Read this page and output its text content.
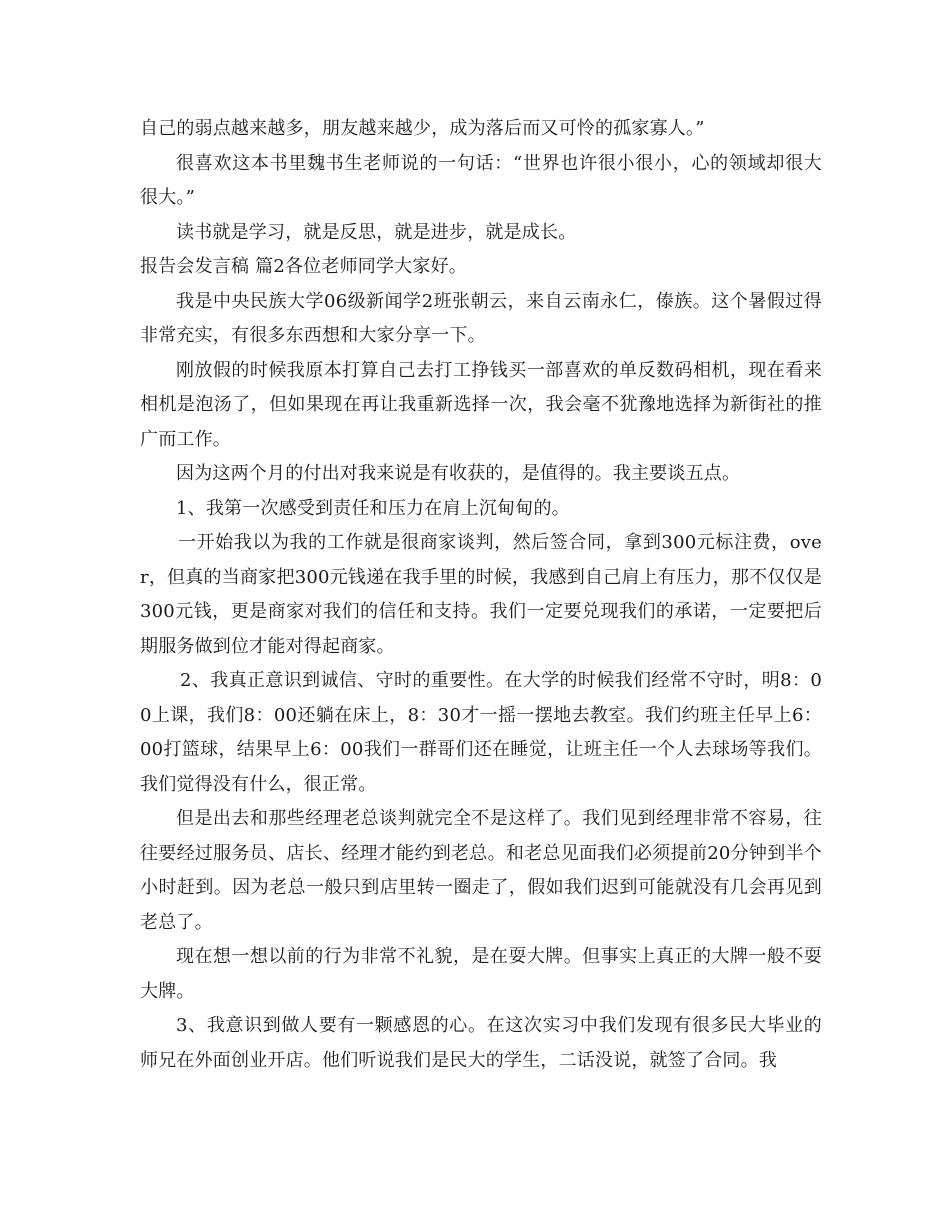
自己的弱点越来越多，朋友越来越少，成为落后而又可怜的孤家寡人。”

很喜欢这本书里魏书生老师说的一句话：“世界也许很小很小，心的领域却很大很大。”

读书就是学习，就是反思，就是进步，就是成长。

报告会发言稿 篇2各位老师同学大家好。

我是中央民族大学06级新闻学2班张朝云，来自云南永仁，傣族。这个暑假过得非常充实，有很多东西想和大家分享一下。

刚放假的时候我原本打算自己去打工挣钱买一部喜欢的单反数码相机，现在看来相机是泡汤了，但如果现在再让我重新选择一次，我会毫不犹豫地选择为新街社的推广而工作。

因为这两个月的付出对我来说是有收获的，是值得的。我主要谈五点。

1、我第一次感受到责任和压力在肩上沉甸甸的。

一开始我以为我的工作就是很商家谈判，然后签合同，拿到300元标注费，over，但真的当商家把300元钱递在我手里的时候，我感到自己肩上有压力，那不仅仅是300元钱，更是商家对我们的信任和支持。我们一定要兑现我们的承诺，一定要把后期服务做到位才能对得起商家。

2、我真正意识到诚信、守时的重要性。在大学的时候我们经常不守时，明8：00上课，我们8：00还躺在床上，8：30才一摇一摆地去教室。我们约班主任早上6：00打篮球，结果早上6：00我们一群哥们还在睡觉，让班主任一个人去球场等我们。我们觉得没有什么，很正常。

但是出去和那些经理老总谈判就完全不是这样了。我们见到经理非常不容易，往往要经过服务员、店长、经理才能约到老总。和老总见面我们必须提前20分钟到半个小时赶到。因为老总一般只到店里转一圈走了，假如我们迟到可能就没有几会再见到老总了。

现在想一想以前的行为非常不礼貌，是在耍大牌。但事实上真正的大牌一般不耍大牌。

3、我意识到做人要有一颗感恩的心。在这次实习中我们发现有很多民大毕业的师兄在外面创业开店。他们听说我们是民大的学生，二话没说，就签了合同。我
